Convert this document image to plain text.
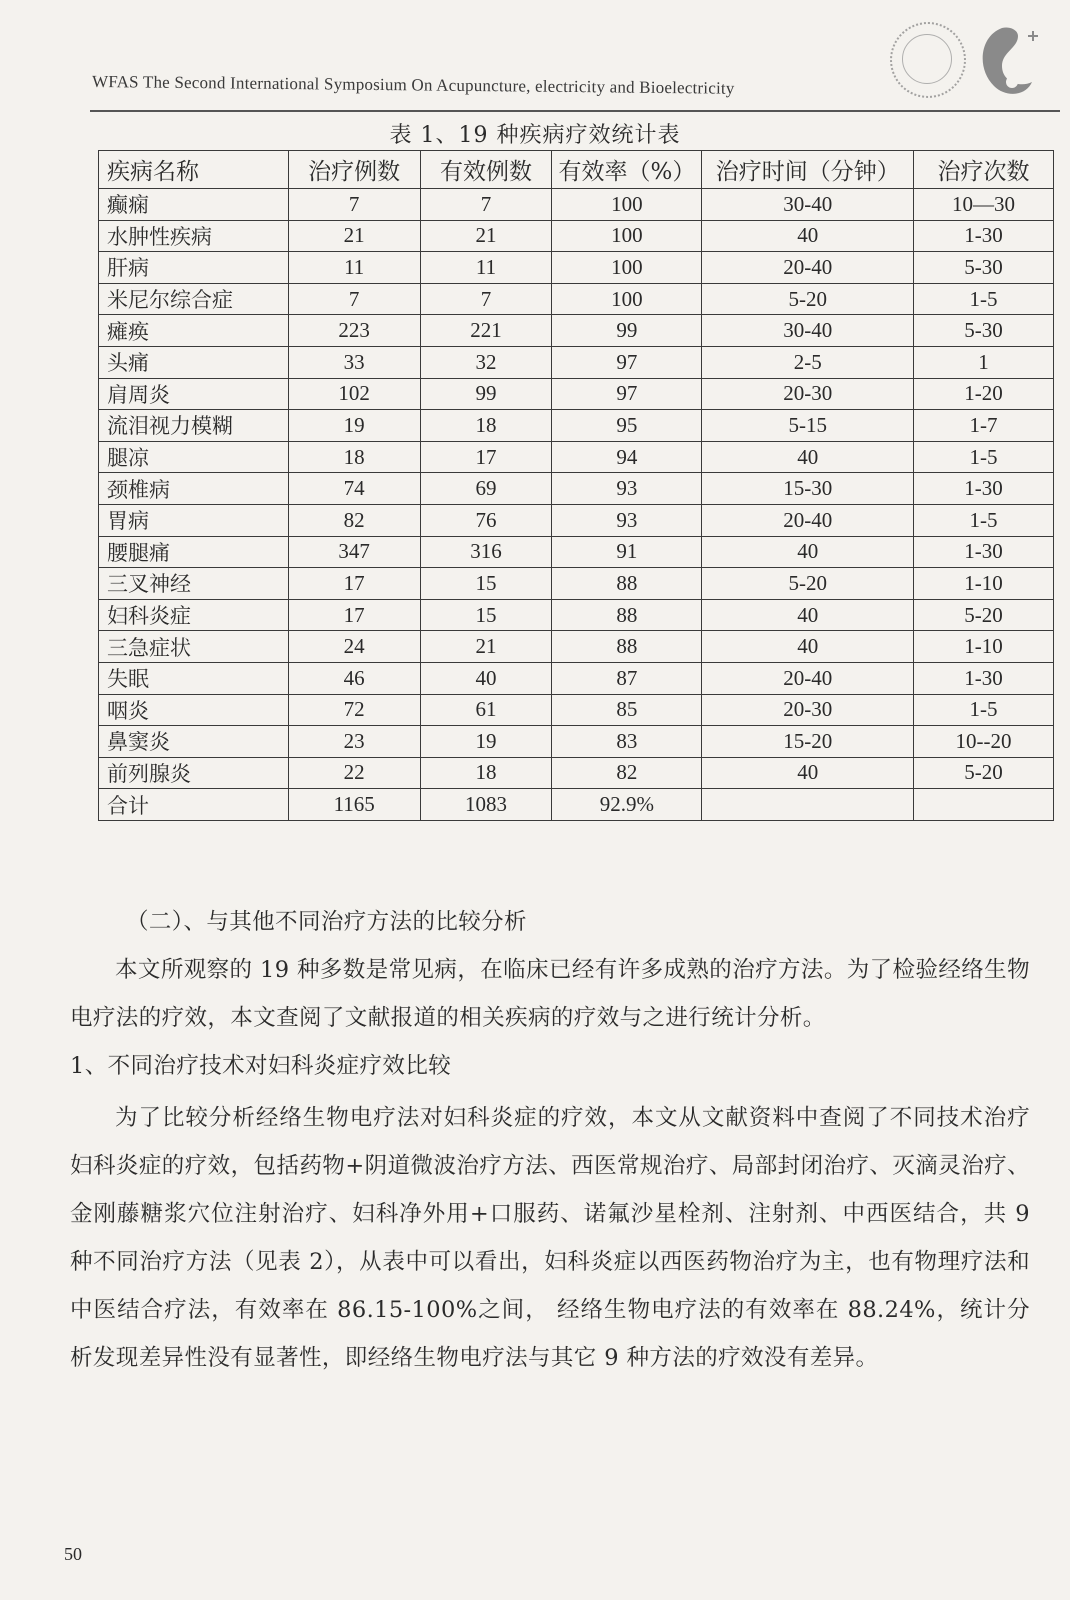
WFAS The Second International Symposium On Acupuncture, electricity and Bioelectricity
表 1、19 种疾病疗效统计表
疾病名称	治疗例数	有效例数	有效率（%）	治疗时间（分钟）	治疗次数
癫痫	7	7	100	30-40	10—30
水肿性疾病	21	21	100	40	1-30
肝病	11	11	100	20-40	5-30
米尼尔综合症	7	7	100	5-20	1-5
瘫痪	223	221	99	30-40	5-30
头痛	33	32	97	2-5	1
肩周炎	102	99	97	20-30	1-20
流泪视力模糊	19	18	95	5-15	1-7
腿凉	18	17	94	40	1-5
颈椎病	74	69	93	15-30	1-30
胃病	82	76	93	20-40	1-5
腰腿痛	347	316	91	40	1-30
三叉神经	17	15	88	5-20	1-10
妇科炎症	17	15	88	40	5-20
三急症状	24	21	88	40	1-10
失眠	46	40	87	20-40	1-30
咽炎	72	61	85	20-30	1-5
鼻窦炎	23	19	83	15-20	10--20
前列腺炎	22	18	82	40	5-20
合计	1165	1083	92.9%		

（二）、与其他不同治疗方法的比较分析

本文所观察的 19 种多数是常见病，在临床已经有许多成熟的治疗方法。为了检验经络生物电疗法的疗效，本文查阅了文献报道的相关疾病的疗效与之进行统计分析。

1、不同治疗技术对妇科炎症疗效比较

为了比较分析经络生物电疗法对妇科炎症的疗效，本文从文献资料中查阅了不同技术治疗妇科炎症的疗效，包括药物+阴道微波治疗方法、西医常规治疗、局部封闭治疗、灭滴灵治疗、金刚藤糖浆穴位注射治疗、妇科净外用+口服药、诺氟沙星栓剂、注射剂、中西医结合，共 9 种不同治疗方法（见表 2），从表中可以看出，妇科炎症以西医药物治疗为主，也有物理疗法和中医结合疗法，有效率在 86.15-100%之间， 经络生物电疗法的有效率在 88.24%，统计分析发现差异性没有显著性，即经络生物电疗法与其它 9 种方法的疗效没有差异。

50
